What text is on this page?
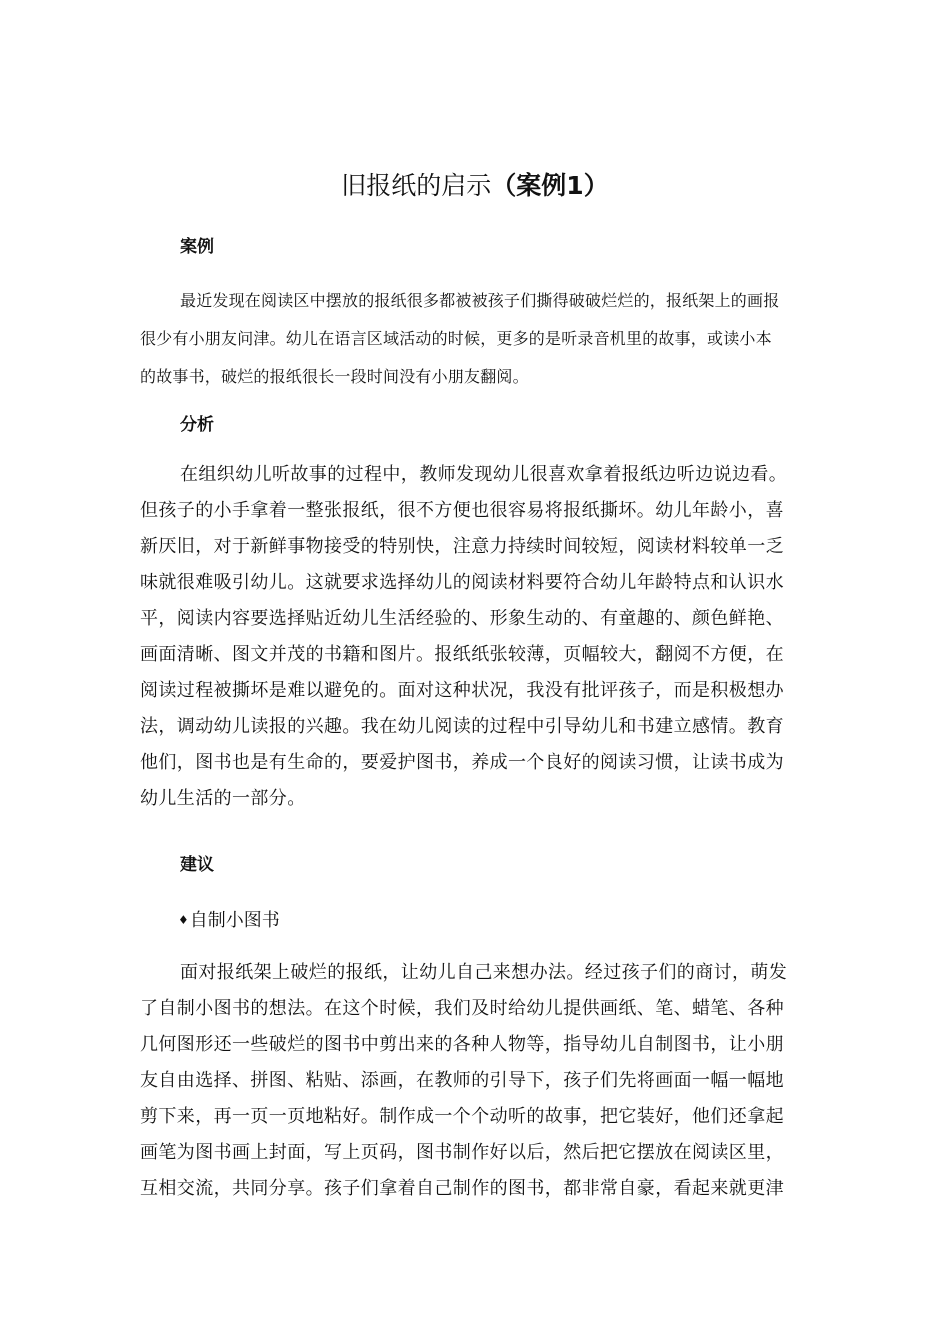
旧报纸的启示（案例1）
案例

最近发现在阅读区中摆放的报纸很多都被被孩子们撕得破破烂烂的，报纸架上的画报
很少有小朋友问津。幼儿在语言区域活动的时候，更多的是听录音机里的故事，或读小本
的故事书，破烂的报纸很长一段时间没有小朋友翻阅。

分析

在组织幼儿听故事的过程中，教师发现幼儿很喜欢拿着报纸边听边说边看。
但孩子的小手拿着一整张报纸，很不方便也很容易将报纸撕坏。幼儿年龄小，喜
新厌旧，对于新鲜事物接受的特别快，注意力持续时间较短，阅读材料较单一乏
味就很难吸引幼儿。这就要求选择幼儿的阅读材料要符合幼儿年龄特点和认识水
平，阅读内容要选择贴近幼儿生活经验的、形象生动的、有童趣的、颜色鲜艳、
画面清晰、图文并茂的书籍和图片。报纸纸张较薄，页幅较大，翻阅不方便，在
阅读过程被撕坏是难以避免的。面对这种状况，我没有批评孩子，而是积极想办
法，调动幼儿读报的兴趣。我在幼儿阅读的过程中引导幼儿和书建立感情。教育
他们，图书也是有生命的，要爱护图书，养成一个良好的阅读习惯，让读书成为
幼儿生活的一部分。

建议

♦自制小图书

面对报纸架上破烂的报纸，让幼儿自己来想办法。经过孩子们的商讨，萌发
了自制小图书的想法。在这个时候，我们及时给幼儿提供画纸、笔、蜡笔、各种
几何图形还一些破烂的图书中剪出来的各种人物等，指导幼儿自制图书，让小朋
友自由选择、拼图、粘贴、添画，在教师的引导下，孩子们先将画面一幅一幅地
剪下来，再一页一页地粘好。制作成一个个动听的故事，把它装好，他们还拿起
画笔为图书画上封面，写上页码，图书制作好以后，然后把它摆放在阅读区里，
互相交流，共同分享。孩子们拿着自己制作的图书，都非常自豪，看起来就更津
